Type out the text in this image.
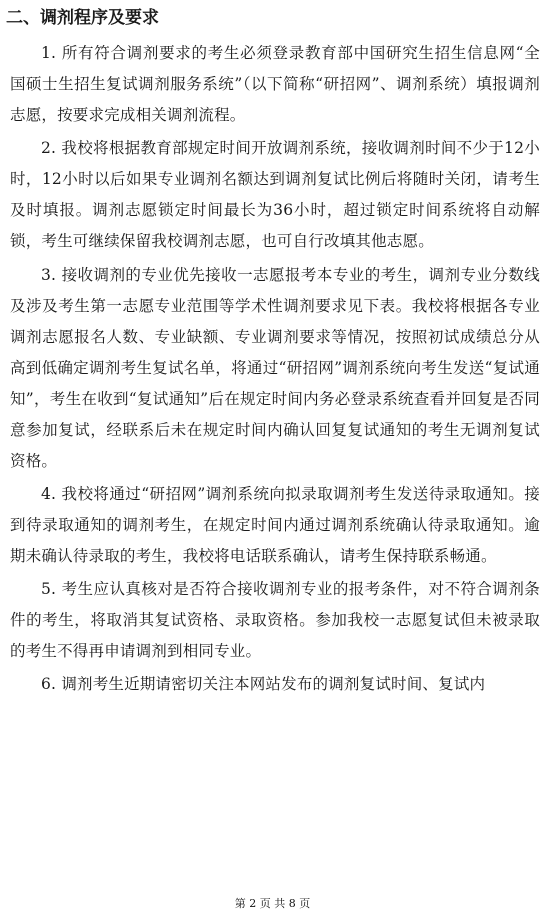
二、调剂程序及要求

1. 所有符合调剂要求的考生必须登录教育部中国研究生招生信息网“全国硕士生招生复试调剂服务系统”（以下简称“研招网”、调剂系统）填报调剂志愿，按要求完成相关调剂流程。

2. 我校将根据教育部规定时间开放调剂系统，接收调剂时间不少于12小时，12小时以后如果专业调剂名额达到调剂复试比例后将随时关闭，请考生及时填报。调剂志愿锁定时间最长为36小时，超过锁定时间系统将自动解锁，考生可继续保留我校调剂志愿，也可自行改填其他志愿。

3. 接收调剂的专业优先接收一志愿报考本专业的考生，调剂专业分数线及涉及考生第一志愿专业范围等学术性调剂要求见下表。我校将根据各专业调剂志愿报名人数、专业缺额、专业调剂要求等情况，按照初试成绩总分从高到低确定调剂考生复试名单，将通过“研招网”调剂系统向考生发送“复试通知”，考生在收到“复试通知”后在规定时间内务必登录系统查看并回复是否同意参加复试，经联系后未在规定时间内确认回复复试通知的考生无调剂复试资格。

4. 我校将通过“研招网”调剂系统向拟录取调剂考生发送待录取通知。接到待录取通知的调剂考生，在规定时间内通过调剂系统确认待录取通知。逾期未确认待录取的考生，我校将电话联系确认，请考生保持联系畅通。

5. 考生应认真核对是否符合接收调剂专业的报考条件，对不符合调剂条件的考生，将取消其复试资格、录取资格。参加我校一志愿复试但未被录取的考生不得再申请调剂到相同专业。

6. 调剂考生近期请密切关注本网站发布的调剂复试时间、复试内

第 2 页 共 8 页
